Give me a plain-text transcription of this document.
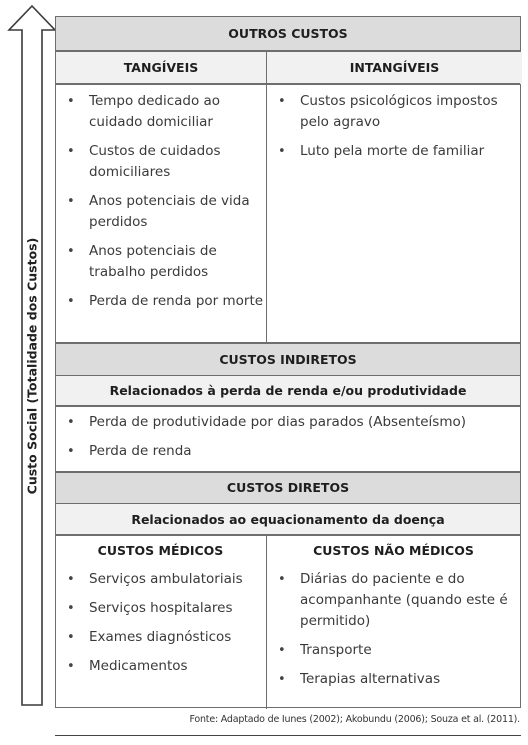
Custo Social (Totalidade dos Custos)
OUTROS CUSTOS
TANGÍVEIS	INTANGÍVEIS
• Tempo dedicado ao cuidado domiciliar
• Custos de cuidados domiciliares
• Anos potenciais de vida perdidos
• Anos potenciais de trabalho perdidos
• Perda de renda por morte
• Custos psicológicos impostos pelo agravo
• Luto pela morte de familiar
CUSTOS INDIRETOS
Relacionados à perda de renda e/ou produtividade
• Perda de produtividade por dias parados (Absenteísmo)
• Perda de renda
CUSTOS DIRETOS
Relacionados ao equacionamento da doença
CUSTOS MÉDICOS
• Serviços ambulatoriais
• Serviços hospitalares
• Exames diagnósticos
• Medicamentos
CUSTOS NÃO MÉDICOS
• Diárias do paciente e do acompanhante (quando este é permitido)
• Transporte
• Terapias alternativas
Fonte: Adaptado de Iunes (2002); Akobundu (2006); Souza et al. (2011).
